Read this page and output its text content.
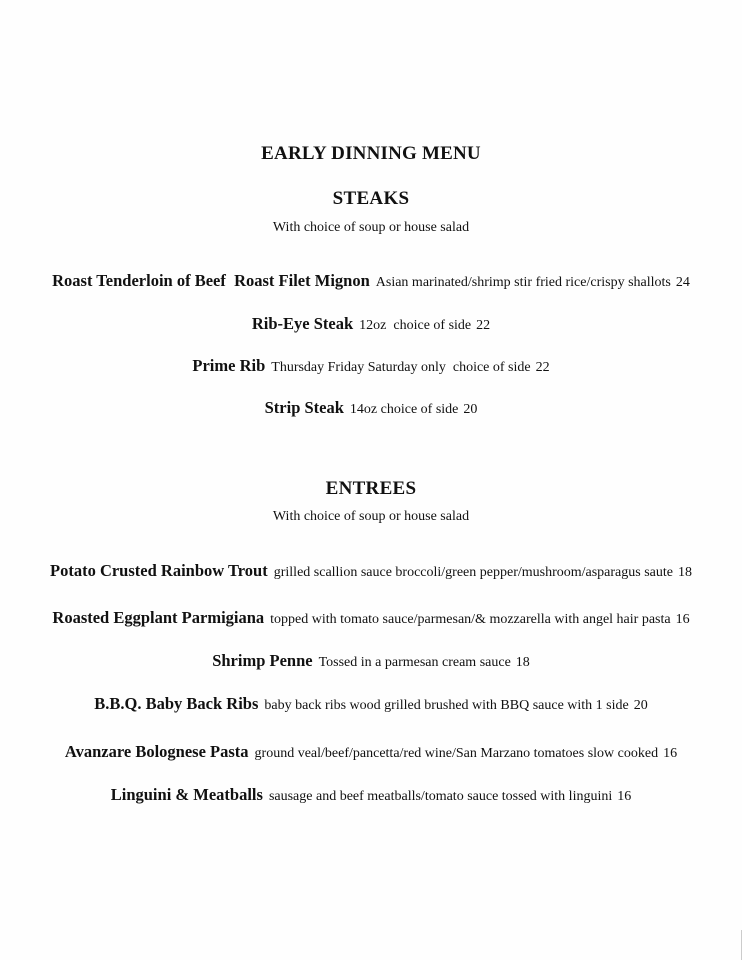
EARLY DINNING MENU
STEAKS
With choice of soup or house salad
Roast Tenderloin of Beef  Roast Filet Mignon Asian marinated/shrimp stir fried rice/crispy shallots 24
Rib-Eye Steak 12oz  choice of side 22
Prime Rib Thursday Friday Saturday only  choice of side 22
Strip Steak 14oz choice of side 20
ENTREES
With choice of soup or house salad
Potato Crusted Rainbow Trout grilled scallion sauce broccoli/green pepper/mushroom/asparagus saute 18
Roasted Eggplant Parmigiana topped with tomato sauce/parmesan/& mozzarella with angel hair pasta 16
Shrimp Penne Tossed in a parmesan cream sauce 18
B.B.Q. Baby Back Ribs baby back ribs wood grilled brushed with BBQ sauce with 1 side 20
Avanzare Bolognese Pasta ground veal/beef/pancetta/red wine/San Marzano tomatoes slow cooked 16
Linguini & Meatballs sausage and beef meatballs/tomato sauce tossed with linguini 16
